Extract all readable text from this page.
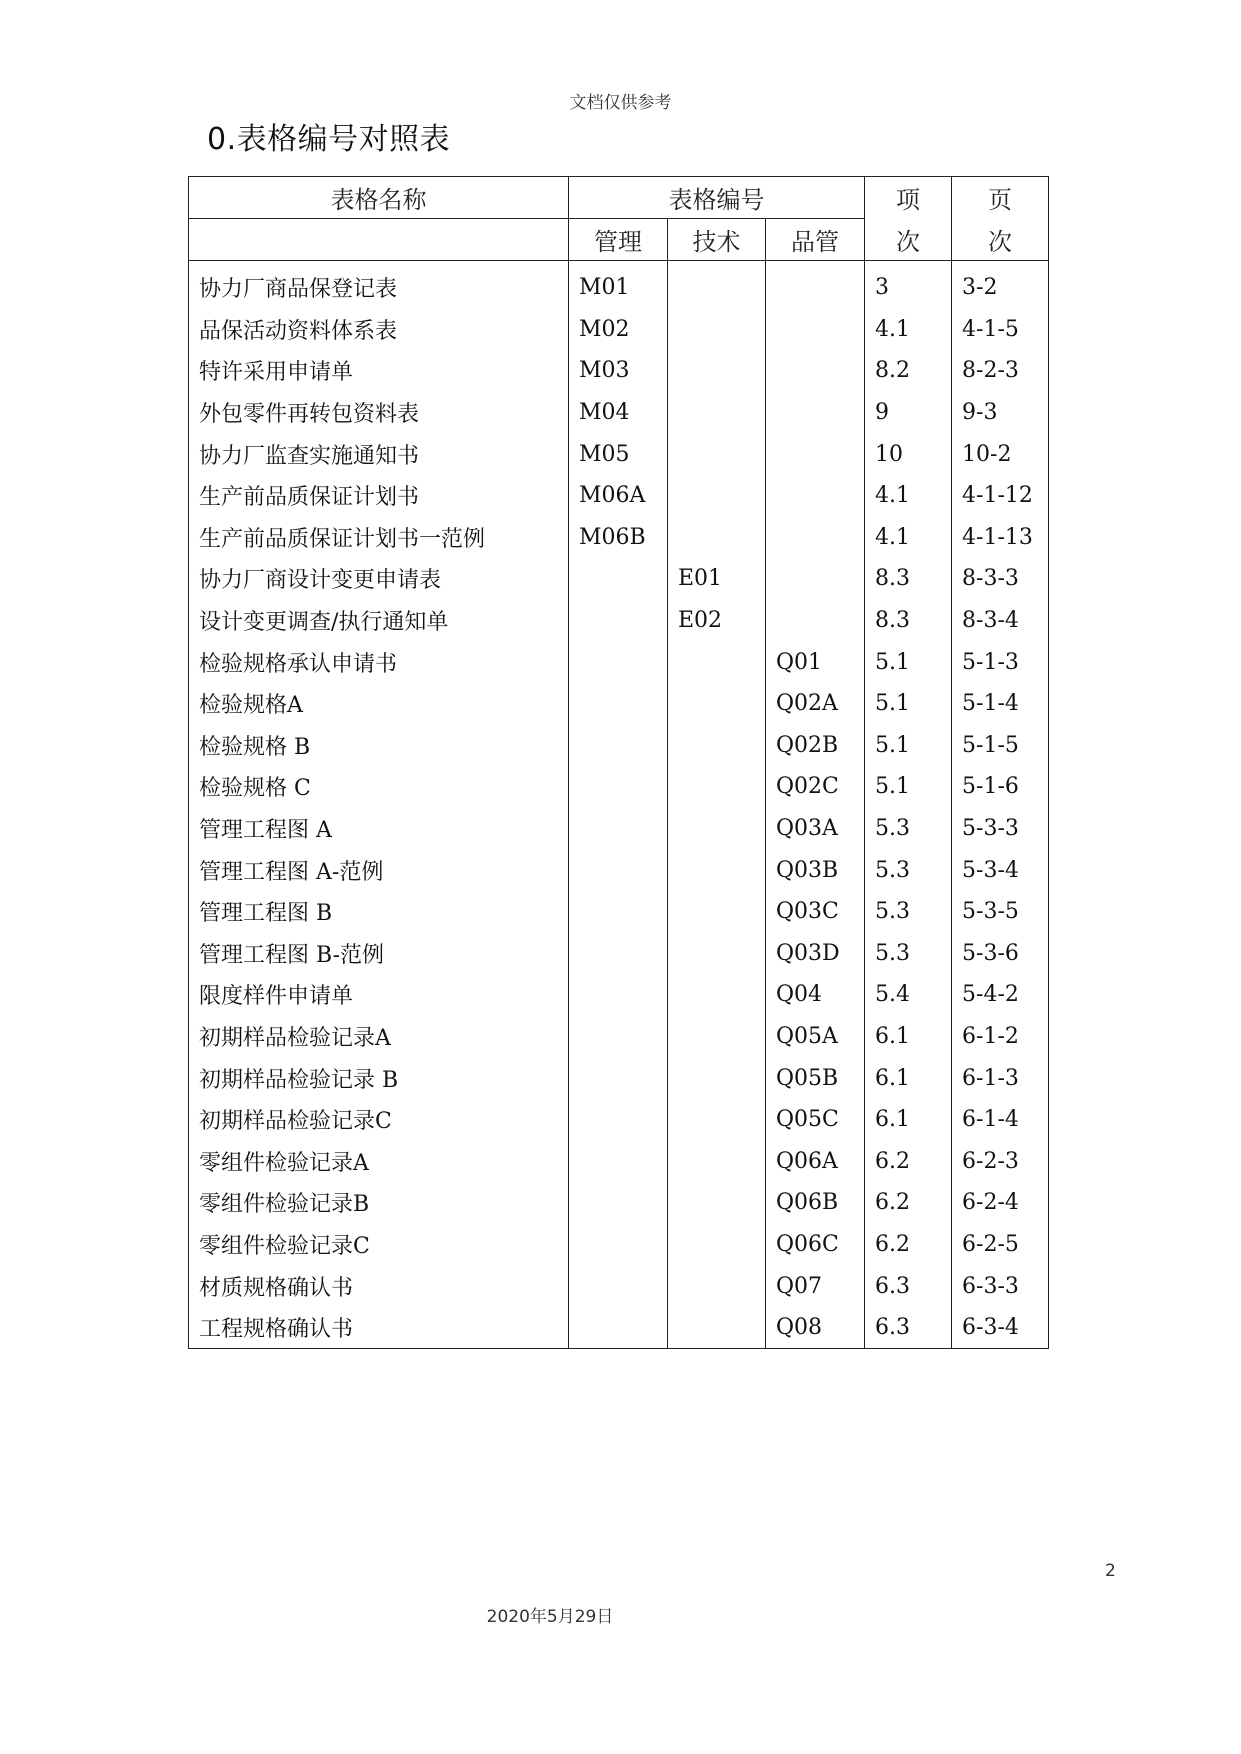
文档仅供参考
0.表格编号对照表
表格名称	表格编号			项	页
	管理	技术	品管	次	次
协力厂商品保登记表	M01			3	3-2
品保活动资料体系表	M02			4.1	4-1-5
特许采用申请单	M03			8.2	8-2-3
外包零件再转包资料表	M04			9	9-3
协力厂监查实施通知书	M05			10	10-2
生产前品质保证计划书	M06A			4.1	4-1-12
生产前品质保证计划书一范例	M06B			4.1	4-1-13
协力厂商设计变更申请表		E01		8.3	8-3-3
设计变更调查/执行通知单		E02		8.3	8-3-4
检验规格承认申请书			Q01	5.1	5-1-3
检验规格A			Q02A	5.1	5-1-4
检验规格 B			Q02B	5.1	5-1-5
检验规格 C			Q02C	5.1	5-1-6
管理工程图 A			Q03A	5.3	5-3-3
管理工程图 A-范例			Q03B	5.3	5-3-4
管理工程图 B			Q03C	5.3	5-3-5
管理工程图 B-范例			Q03D	5.3	5-3-6
限度样件申请单			Q04	5.4	5-4-2
初期样品检验记录A			Q05A	6.1	6-1-2
初期样品检验记录 B			Q05B	6.1	6-1-3
初期样品检验记录C			Q05C	6.1	6-1-4
零组件检验记录A			Q06A	6.2	6-2-3
零组件检验记录B			Q06B	6.2	6-2-4
零组件检验记录C			Q06C	6.2	6-2-5
材质规格确认书			Q07	6.3	6-3-3
工程规格确认书			Q08	6.3	6-3-4
2
2020年5月29日
